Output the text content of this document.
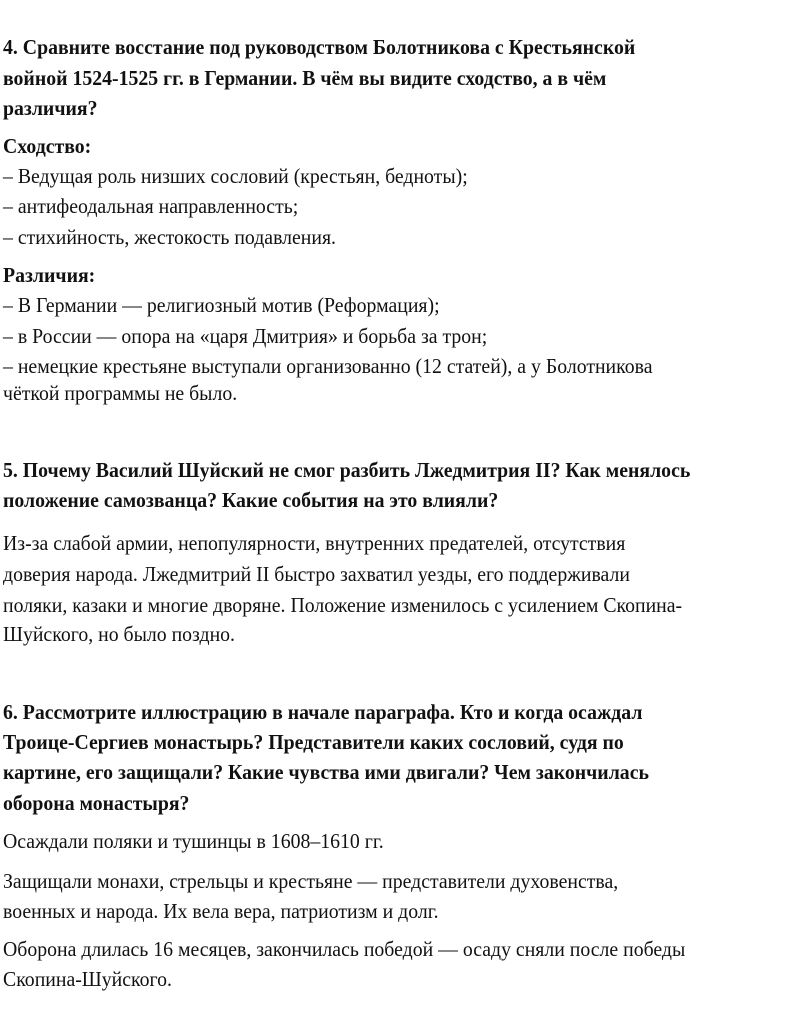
4. Сравните восстание под руководством Болотникова с Крестьянской
войной 1524-1525 гг. в Германии. В чём вы видите сходство, а в чём
различия?
Сходство:
– Ведущая роль низших сословий (крестьян, бедноты);
– антифеодальная направленность;
– стихийность, жестокость подавления.
Различия:
– В Германии — религиозный мотив (Реформация);
– в России — опора на «царя Дмитрия» и борьба за трон;
– немецкие крестьяне выступали организованно (12 статей), а у Болотникова
чёткой программы не было.
5. Почему Василий Шуйский не смог разбить Лжедмитрия II? Как менялось
положение самозванца? Какие события на это влияли?
Из-за слабой армии, непопулярности, внутренних предателей, отсутствия
доверия народа. Лжедмитрий II быстро захватил уезды, его поддерживали
поляки, казаки и многие дворяне. Положение изменилось с усилением Скопина-
Шуйского, но было поздно.
6. Рассмотрите иллюстрацию в начале параграфа. Кто и когда осаждал
Троице-Сергиев монастырь? Представители каких сословий, судя по
картине, его защищали? Какие чувства ими двигали? Чем закончилась
оборона монастыря?
Осаждали поляки и тушинцы в 1608–1610 гг.
Защищали монахи, стрельцы и крестьяне — представители духовенства,
военных и народа. Их вела вера, патриотизм и долг.
Оборона длилась 16 месяцев, закончилась победой — осаду сняли после победы
Скопина-Шуйского.
